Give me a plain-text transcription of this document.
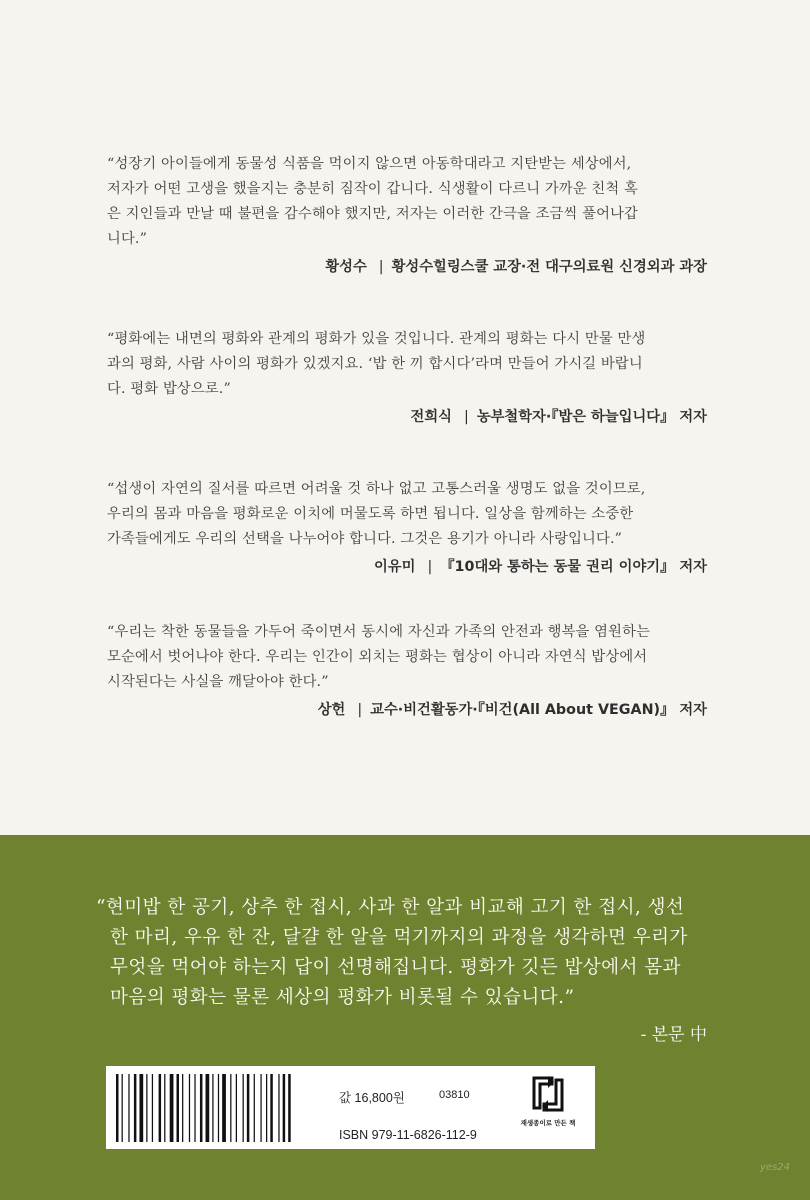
“성장기 아이들에게 동물성 식품을 먹이지 않으면 아동학대라고 지탄받는 세상에서,
저자가 어떤 고생을 했을지는 충분히 짐작이 갑니다. 식생활이 다르니 가까운 친척 혹
은 지인들과 만날 때 불편을 감수해야 했지만, 저자는 이러한 간극을 조금씩 풀어나갑
니다.”

황성수 | 황성수힐링스쿨 교장·전 대구의료원 신경외과 과장

“평화에는 내면의 평화와 관계의 평화가 있을 것입니다. 관계의 평화는 다시 만물 만생
과의 평화, 사람 사이의 평화가 있겠지요. ‘밥 한 끼 합시다’라며 만들어 가시길 바랍니
다. 평화 밥상으로.”

전희식 | 농부철학자·『밥은 하늘입니다』 저자

“섭생이 자연의 질서를 따르면 어려울 것 하나 없고 고통스러울 생명도 없을 것이므로,
우리의 몸과 마음을 평화로운 이치에 머물도록 하면 됩니다. 일상을 함께하는 소중한
가족들에게도 우리의 선택을 나누어야 합니다. 그것은 용기가 아니라 사랑입니다.”

이유미 | 『10대와 통하는 동물 권리 이야기』 저자

“우리는 착한 동물들을 가두어 죽이면서 동시에 자신과 가족의 안전과 행복을 염원하는
모순에서 벗어나야 한다. 우리는 인간이 외치는 평화는 협상이 아니라 자연식 밥상에서
시작된다는 사실을 깨달아야 한다.”

상헌 | 교수·비건활동가·『비건(All About VEGAN)』 저자
“현미밥 한 공기, 상추 한 접시, 사과 한 알과 비교해 고기 한 접시, 생선
한 마리, 우유 한 잔, 달걀 한 알을 먹기까지의 과정을 생각하면 우리가
무엇을 먹어야 하는지 답이 선명해집니다. 평화가 깃든 밥상에서 몸과
마음의 평화는 물론 세상의 평화가 비롯될 수 있습니다.”
- 본문 中
값 16,800원	03810
ISBN 979-11-6826-112-9
재생종이로 만든 책
yes24
